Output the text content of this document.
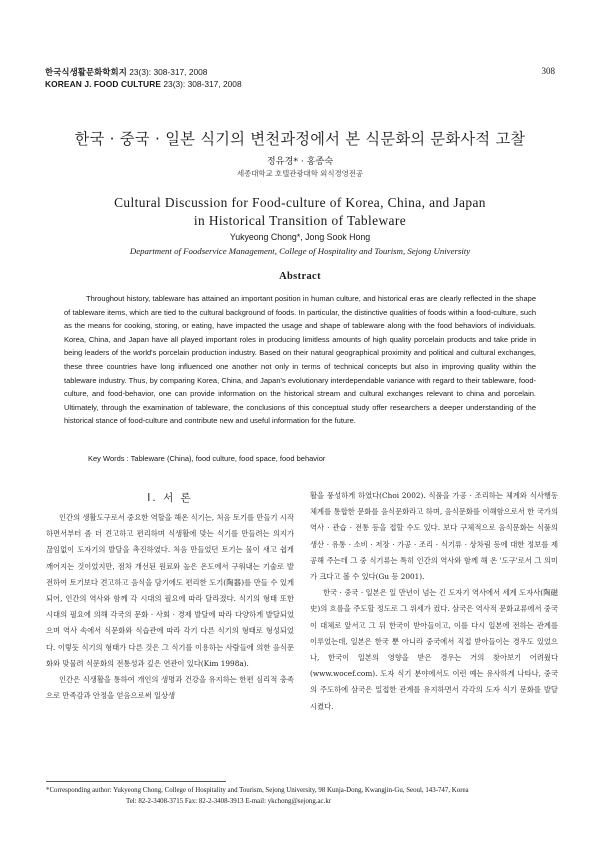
한국식생활문화학회지 23(3): 308-317, 2008
KOREAN J. FOOD CULTURE 23(3): 308-317, 2008
308
한국 · 중국 · 일본 식기의 변천과정에서 본 식문화의 문화사적 고찰
정유경* · 홍종숙
세종대학교 호텔관광대학 외식경영전공
Cultural Discussion for Food-culture of Korea, China, and Japan
in Historical Transition of Tableware
Yukyeong Chong*, Jong Sook Hong
Department of Foodservice Management, College of Hospitality and Tourism, Sejong University
Abstract

Throughout history, tableware has attained an important position in human culture, and historical eras are clearly reflected in the shape of tableware items, which are tied to the cultural background of foods. In particular, the distinctive qualities of foods within a food-culture, such as the means for cooking, storing, or eating, have impacted the usage and shape of tableware along with the food behaviors of individuals. Korea, China, and Japan have all played important roles in producing limitless amounts of high quality porcelain products and take pride in being leaders of the world's porcelain production industry. Based on their natural geographical proximity and political and cultural exchanges, these three countries have long influenced one another not only in terms of technical concepts but also in improving quality within the tableware industry. Thus, by comparing Korea, China, and Japan's evolutionary interdependable variance with regard to their tableware, food-culture, and food-behavior, one can provide information on the historical stream and cultural exchanges relevant to china and porcelain. Ultimately, through the examination of tableware, the conclusions of this conceptual study offer researchers a deeper understanding of the historical stance of food-culture and contribute new and useful information for the future.

Key Words : Tableware (China), food culture, food space, food behavior
I. 서 론

인간의 생활도구로서 중요한 역할을 해온 식기는, 처음 토기를 만들기 시작하면서부터 좀 더 견고하고 편리하며 식생활에 맞는 식기를 만들려는 의지가 끊임없이 도자기의 발달을 촉진하였다. 처음 만들었던 토기는 물이 새고 쉽게 깨어지는 것이었지만, 점차 개선된 원료와 높은 온도에서 구워내는 기술로 발전하여 토기보다 견고하고 음식을 담기에도 편리한 도기(陶器)를 만들 수 있게 되어, 인간의 역사와 함께 각 시대의 필요에 따라 달라졌다. 식기의 형태 또한 시대의 필요에 의해 각국의 문화 · 사회 · 경제 발달에 따라 다양하게 발달되었으며 역사 속에서 식문화와 식습관에 따라 각기 다른 식기의 형태로 형성되었다. 이렇듯 식기의 형태가 다른 것은 그 식기를 이용하는 사람들에 의한 음식문화와 맞물려 식문화의 전통성과 깊은 연관이 있다(Kim 1998a).

인간은 식생활을 통하여 개인의 생명과 건강을 유지하는 한편 심리적 충족으로 만족감과 안정을 얻음으로써 일상생

활을 풍성하게 하였다(Choi 2002). 식품을 가공 · 조리하는 체계와 식사행동 체계를 통합한 문화를 음식문화라고 하며, 음식문화를 이해함으로서 한 국가의 역사 · 관습 · 전통 등을 접할 수도 있다. 보다 구체적으로 음식문화는 식품의 생산 · 유통 · 소비 · 저장 · 가공 · 조리 · 식기류 · 상차림 등에 대한 정보를 제공해 주는데 그 중 식기류는 특히 인간의 역사와 함께 해 온 '도구'로서 그 의미가 크다고 볼 수 있다(Gu 등 2001).

한국 · 중국 · 일본은 일 만년이 넘는 긴 도자기 역사에서 세계 도자사(陶磁史)의 흐름을 주도할 정도로 그 위세가 컸다. 삼국은 역사적 문화교류에서 중국이 대체로 앞서고 그 뒤 한국이 받아들이고, 이를 다시 일본에 전하는 관계를 이루었는데, 일본은 한국 뿐 아니라 중국에서 직접 받아들이는 경우도 있었으나, 한국이 일본의 영향을 받은 경우는 거의 찾아보기 어려웠다(www.wocef.com). 도자 식기 분야에서도 이런 예는 유사하게 나타나, 중국의 주도하에 삼국은 밀접한 관계를 유지하면서 각각의 도자 식기 문화를 발달시켰다.

*Corresponding author: Yukyeong Chong, College of Hospitality and Tourism, Sejong University, 98 Kunja-Dong, Kwangjin-Gu, Seoul, 143-747, Korea
Tel: 82-2-3408-3715 Fax: 82-2-3408-3913 E-mail: ykchong@sejong.ac.kr
